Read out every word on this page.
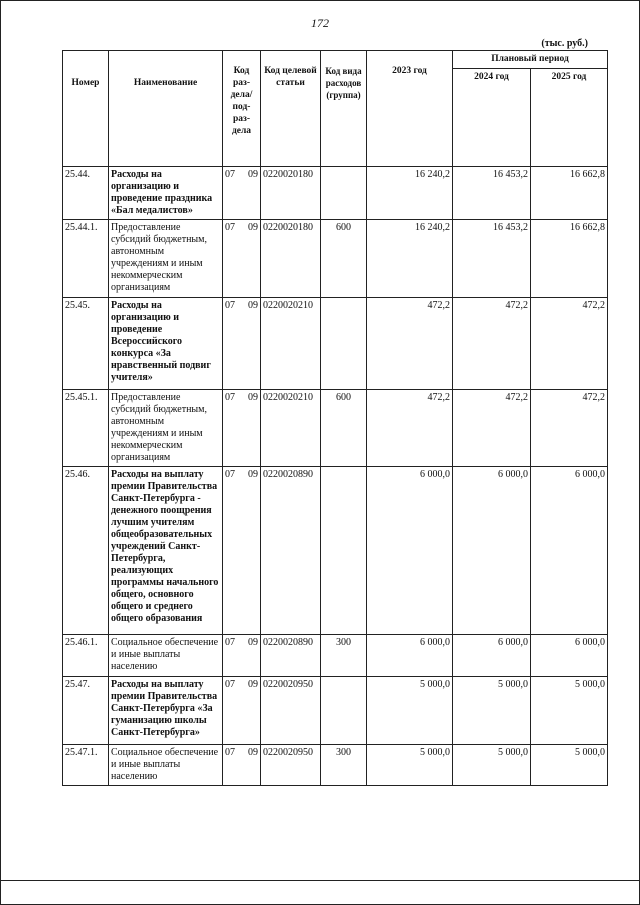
172
(тыс. руб.)
Номер	Наименование	Код раз-дела/ под-раз-дела	Код целевой статьи	Код вида расходов (группа)	2023 год	Плановый период	
						2024 год	2025 год
25.44.	Расходы на организацию и проведение праздника «Бал медалистов»	07 09	0220020180		16 240,2	16 453,2	16 662,8
25.44.1.	Предоставление субсидий бюджетным, автономным учреждениям и иным некоммерческим организациям	07 09	0220020180	600	16 240,2	16 453,2	16 662,8
25.45.	Расходы на организацию и проведение Всероссийского конкурса «За нравственный подвиг учителя»	07 09	0220020210		472,2	472,2	472,2
25.45.1.	Предоставление субсидий бюджетным, автономным учреждениям и иным некоммерческим организациям	07 09	0220020210	600	472,2	472,2	472,2
25.46.	Расходы на выплату премии Правительства Санкт-Петербурга - денежного поощрения лучшим учителям общеобразовательных учреждений Санкт-Петербурга, реализующих программы начального общего, основного общего и среднего общего образования	07 09	0220020890		6 000,0	6 000,0	6 000,0
25.46.1.	Социальное обеспечение и иные выплаты населению	07 09	0220020890	300	6 000,0	6 000,0	6 000,0
25.47.	Расходы на выплату премии Правительства Санкт-Петербурга «За гуманизацию школы Санкт-Петербурга»	07 09	0220020950		5 000,0	5 000,0	5 000,0
25.47.1.	Социальное обеспечение и иные выплаты населению	07 09	0220020950	300	5 000,0	5 000,0	5 000,0
